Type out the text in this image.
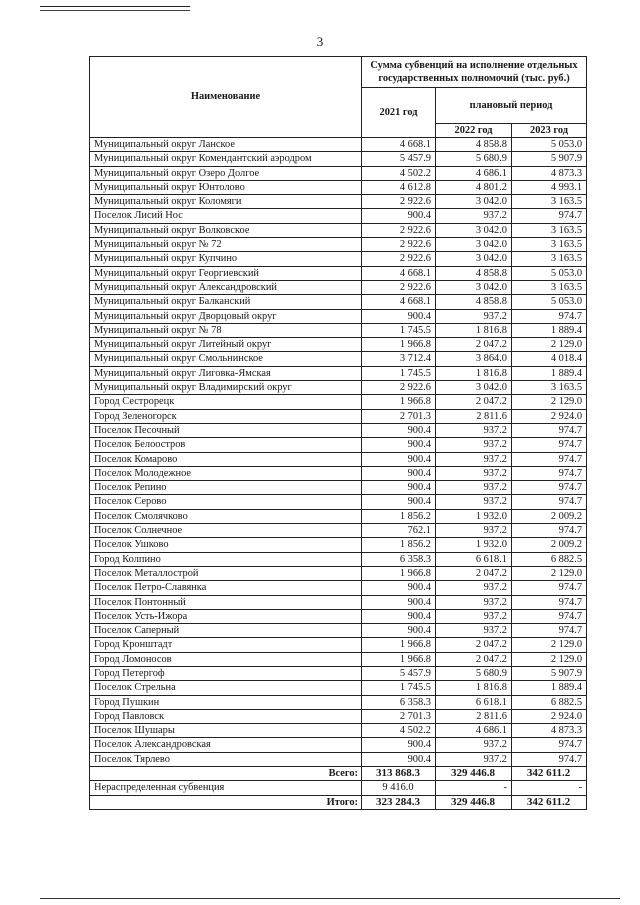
3
Наименование	Сумма субвенций на исполнение отдельных государственных полномочий (тыс. руб.)		
	2021 год	плановый период	
		2022 год	2023 год
Муниципальный округ Ланское	4 668.1	4 858.8	5 053.0
Муниципальный округ Комендантский аэродром	5 457.9	5 680.9	5 907.9
Муниципальный округ Озеро Долгое	4 502.2	4 686.1	4 873.3
Муниципальный округ Юнтолово	4 612.8	4 801.2	4 993.1
Муниципальный округ Коломяги	2 922.6	3 042.0	3 163.5
Поселок Лисий Нос	900.4	937.2	974.7
Муниципальный округ Волковское	2 922.6	3 042.0	3 163.5
Муниципальный округ № 72	2 922.6	3 042.0	3 163.5
Муниципальный округ Купчино	2 922.6	3 042.0	3 163.5
Муниципальный округ Георгиевский	4 668.1	4 858.8	5 053.0
Муниципальный округ Александровский	2 922.6	3 042.0	3 163.5
Муниципальный округ Балканский	4 668.1	4 858.8	5 053.0
Муниципальный округ Дворцовый округ	900.4	937.2	974.7
Муниципальный округ № 78	1 745.5	1 816.8	1 889.4
Муниципальный округ Литейный округ	1 966.8	2 047.2	2 129.0
Муниципальный округ Смольнинское	3 712.4	3 864.0	4 018.4
Муниципальный округ Лиговка-Ямская	1 745.5	1 816.8	1 889.4
Муниципальный округ Владимирский округ	2 922.6	3 042.0	3 163.5
Город Сестрорецк	1 966.8	2 047.2	2 129.0
Город Зеленогорск	2 701.3	2 811.6	2 924.0
Поселок Песочный	900.4	937.2	974.7
Поселок Белоостров	900.4	937.2	974.7
Поселок Комарово	900.4	937.2	974.7
Поселок Молодежное	900.4	937.2	974.7
Поселок Репино	900.4	937.2	974.7
Поселок Серово	900.4	937.2	974.7
Поселок Смолячково	1 856.2	1 932.0	2 009.2
Поселок Солнечное	762.1	937.2	974.7
Поселок Ушково	1 856.2	1 932.0	2 009.2
Город Колпино	6 358.3	6 618.1	6 882.5
Поселок Металлострой	1 966.8	2 047.2	2 129.0
Поселок Петро-Славянка	900.4	937.2	974.7
Поселок Понтонный	900.4	937.2	974.7
Поселок Усть-Ижора	900.4	937.2	974.7
Поселок Саперный	900.4	937.2	974.7
Город Кронштадт	1 966.8	2 047.2	2 129.0
Город Ломоносов	1 966.8	2 047.2	2 129.0
Город Петергоф	5 457.9	5 680.9	5 907.9
Поселок Стрельна	1 745.5	1 816.8	1 889.4
Город Пушкин	6 358.3	6 618.1	6 882.5
Город Павловск	2 701.3	2 811.6	2 924.0
Поселок Шушары	4 502.2	4 686.1	4 873.3
Поселок Александровская	900.4	937.2	974.7
Поселок Тярлево	900.4	937.2	974.7
Всего:	313 868.3	329 446.8	342 611.2
Нераспределенная субвенция	9 416.0	-	-
Итого:	323 284.3	329 446.8	342 611.2
